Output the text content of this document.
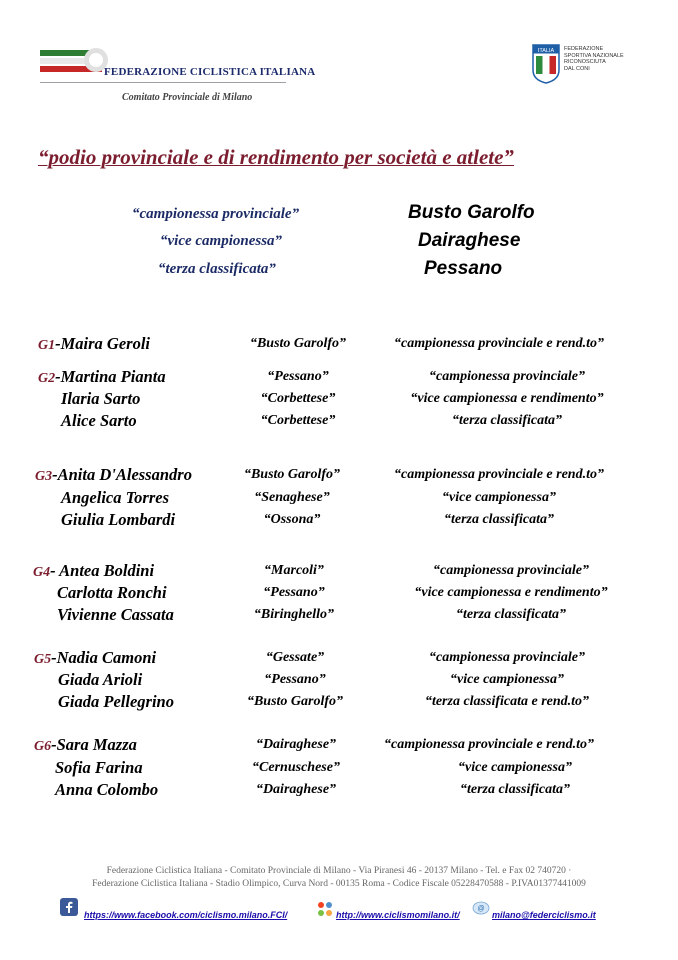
FEDERAZIONE CICLISTICA ITALIANA
Comitato Provinciale di Milano
ITALIA FEDERAZIONE
SPORTIVA NAZIONALE
RICONOSCIUTA
DAL CONI
“podio provinciale e di rendimento per società e atlete”
“campionessa provinciale”	Busto Garolfo
“vice campionessa”	Dairaghese
“terza classificata”	Pessano
G1-Maira Geroli	“Busto Garolfo”	“campionessa provinciale e rend.to”
G2-Martina Pianta	“Pessano”	“campionessa provinciale”
Ilaria Sarto	“Corbettese”	“vice campionessa e rendimento”
Alice Sarto	“Corbettese”	“terza classificata”
G3-Anita D'Alessandro	“Busto Garolfo”	“campionessa provinciale e rend.to”
Angelica Torres	“Senaghese”	“vice campionessa”
Giulia Lombardi	“Ossona”	“terza classificata”
G4- Antea Boldini	“Marcoli”	“campionessa provinciale”
Carlotta Ronchi	“Pessano”	“vice campionessa e rendimento”
Vivienne Cassata	“Biringhello”	“terza classificata”
G5-Nadia Camoni	“Gessate”	“campionessa provinciale”
Giada Arioli	“Pessano”	“vice campionessa”
Giada Pellegrino	“Busto Garolfo”	“terza classificata e rend.to”
G6-Sara Mazza	“Dairaghese”	“campionessa provinciale e rend.to”
Sofia Farina	“Cernuschese”	“vice campionessa”
Anna Colombo	“Dairaghese”	“terza classificata”
Federazione Ciclistica Italiana - Comitato Provinciale di Milano - Via Piranesi 46 - 20137 Milano - Tel. e Fax 02 740720 ·
Federazione Ciclistica Italiana - Stadio Olimpico, Curva Nord - 00135 Roma - Codice Fiscale 05228470588 - P.IVA01377441009
https://www.facebook.com/ciclismo.milano.FCI/	http://www.ciclismomilano.it/
@
milano@federciclismo.it
